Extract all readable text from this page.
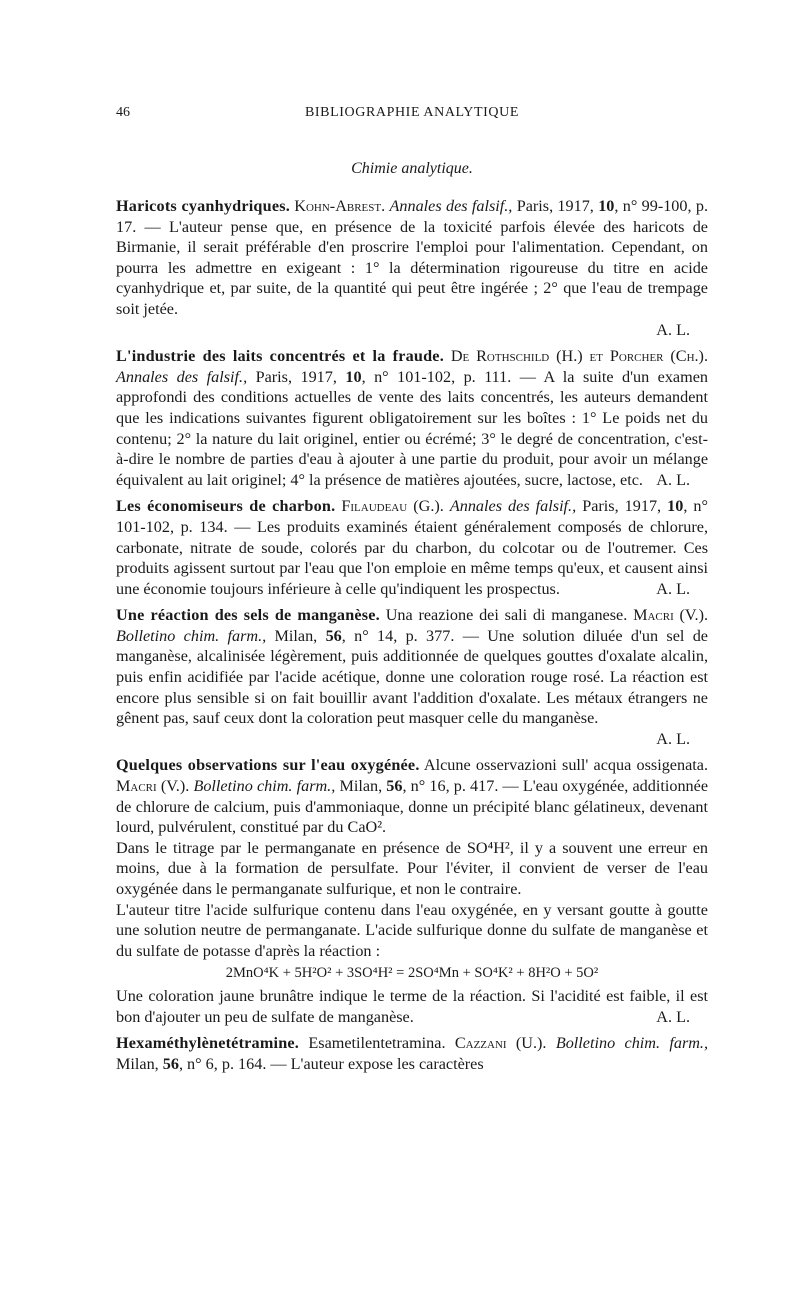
46	BIBLIOGRAPHIE ANALYTIQUE
Chimie analytique.

Haricots cyanhydriques. Kohn-Abrest. Annales des falsif., Paris, 1917, 10, n° 99-100, p. 17. — L'auteur pense que, en présence de la toxicité parfois élevée des haricots de Birmanie, il serait préférable d'en proscrire l'emploi pour l'alimentation. Cependant, on pourra les admettre en exigeant : 1° la détermination rigoureuse du titre en acide cyanhydrique et, par suite, de la quantité qui peut être ingérée ; 2° que l'eau de trempage soit jetée.

A. L.

L'industrie des laits concentrés et la fraude. De Rothschild (H.) et Porcher (Ch.). Annales des falsif., Paris, 1917, 10, n° 101-102, p. 111. — A la suite d'un examen approfondi des conditions actuelles de vente des laits concentrés, les auteurs demandent que les indications suivantes figurent obligatoirement sur les boîtes : 1° Le poids net du contenu; 2° la nature du lait originel, entier ou écrémé; 3° le degré de concentration, c'est-à-dire le nombre de parties d'eau à ajouter à une partie du produit, pour avoir un mélange équivalent au lait originel; 4° la présence de matières ajoutées, sucre, lactose, etc. A. L.

Les économiseurs de charbon. Filaudeau (G.). Annales des falsif., Paris, 1917, 10, n° 101-102, p. 134. — Les produits examinés étaient généralement composés de chlorure, carbonate, nitrate de soude, colorés par du charbon, du colcotar ou de l'outremer. Ces produits agissent surtout par l'eau que l'on emploie en même temps qu'eux, et causent ainsi une économie toujours inférieure à celle qu'indiquent les prospectus.	A. L.

Une réaction des sels de manganèse. Una reazione dei sali di manganese. Macri (V.). Bolletino chim. farm., Milan, 56, n° 14, p. 377. — Une solution diluée d'un sel de manganèse, alcalinisée légèrement, puis additionnée de quelques gouttes d'oxalate alcalin, puis enfin acidifiée par l'acide acétique, donne une coloration rouge rosé. La réaction est encore plus sensible si on fait bouillir avant l'addition d'oxalate. Les métaux étrangers ne gênent pas, sauf ceux dont la coloration peut masquer celle du manganèse.

A. L.

Quelques observations sur l'eau oxygénée. Alcune osservazioni sull' acqua ossigenata. Macri (V.). Bolletino chim. farm., Milan, 56, n° 16, p. 417. — L'eau oxygénée, additionnée de chlorure de calcium, puis d'ammoniaque, donne un précipité blanc gélatineux, devenant lourd, pulvérulent, constitué par du CaO².

Dans le titrage par le permanganate en présence de SO⁴H², il y a souvent une erreur en moins, due à la formation de persulfate. Pour l'éviter, il convient de verser de l'eau oxygénée dans le permanganate sulfurique, et non le contraire.

L'auteur titre l'acide sulfurique contenu dans l'eau oxygénée, en y versant goutte à goutte une solution neutre de permanganate. L'acide sulfurique donne du sulfate de manganèse et du sulfate de potasse d'après la réaction :

2MnO⁴K + 5H²O² + 3SO⁴H² = 2SO⁴Mn + SO⁴K² + 8H²O + 5O²

Une coloration jaune brunâtre indique le terme de la réaction. Si l'acidité est faible, il est bon d'ajouter un peu de sulfate de manganèse.	A. L.

Hexaméthylènetétramine. Esametilentetramina. Cazzani (U.). Bolletino chim. farm., Milan, 56, n° 6, p. 164. — L'auteur expose les caractères
